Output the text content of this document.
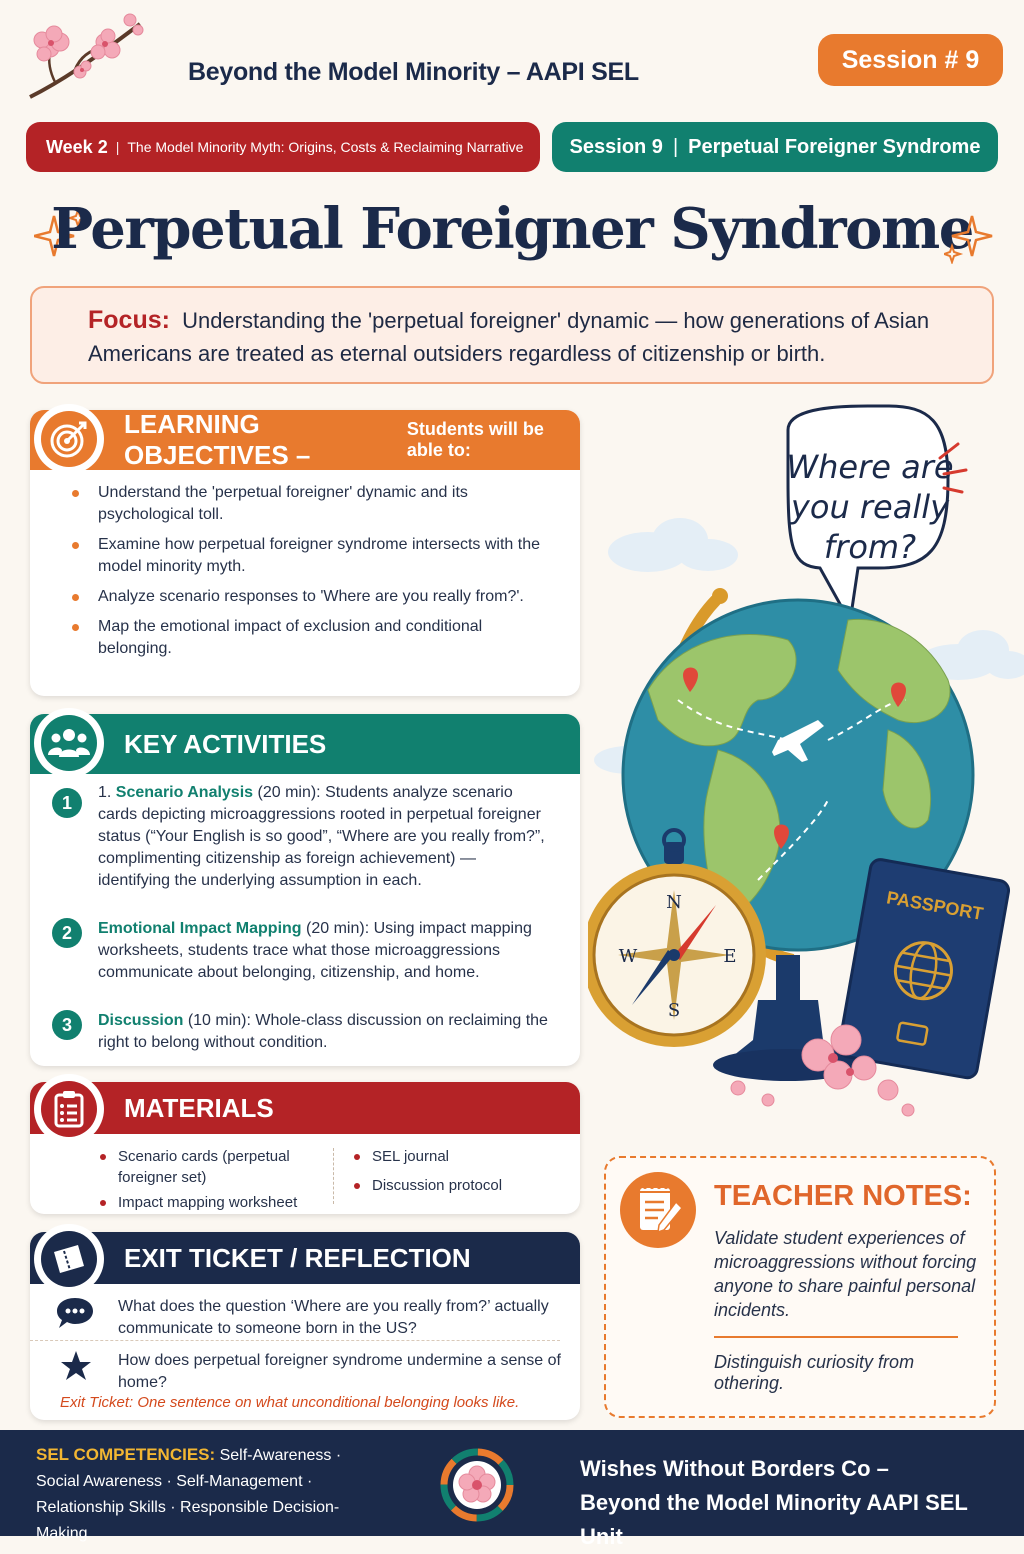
Beyond the Model Minority – AAPI SEL	Session # 9
Week 2 | The Model Minority Myth: Origins, Costs & Reclaiming Narrative Session 9 | Perpetual Foreigner Syndrome
Perpetual Foreigner Syndrome
Focus: Understanding the 'perpetual foreigner' dynamic — how generations of Asian Americans are treated as eternal outsiders regardless of citizenship or birth.
LEARNING OBJECTIVES –
Students will be able to:
Understand the 'perpetual foreigner' dynamic and its psychological toll.
Examine how perpetual foreigner syndrome intersects with the model minority myth.
Analyze scenario responses to 'Where are you really from?'.
Map the emotional impact of exclusion and conditional belonging.
KEY ACTIVITIES
1
1. Scenario Analysis (20 min): Students analyze scenario cards depicting microaggressions rooted in perpetual foreigner status (“Your English is so good”, “Where are you really from?”, complimenting citizenship as foreign achievement) — identifying the underlying assumption in each.
2	Emotional Impact Mapping (20 min): Using impact mapping worksheets, students trace what those microaggressions communicate about belonging, citizenship, and home.
3	Discussion (10 min): Whole-class discussion on reclaiming the right to belong without condition.
MATERIALS
Scenario cards (perpetual foreigner set)
Impact mapping worksheet
SEL journal
Discussion protocol
EXIT TICKET / REFLECTION
What does the question ‘Where are you really from?’ actually communicate to someone born in the US?
How does perpetual foreigner syndrome undermine a sense of home?
Exit Ticket: One sentence on what unconditional belonging looks like.
Where are
you really
from?
N
S
E
W
PASSPORT
TEACHER NOTES:
Validate student experiences of microaggressions without forcing anyone to share painful personal incidents.
Distinguish curiosity from othering.
SEL COMPETENCIES: Self-Awareness · Social Awareness · Self-Management · Relationship Skills · Responsible Decision-Making
Wishes Without Borders Co –
Beyond the Model Minority AAPI SEL Unit
